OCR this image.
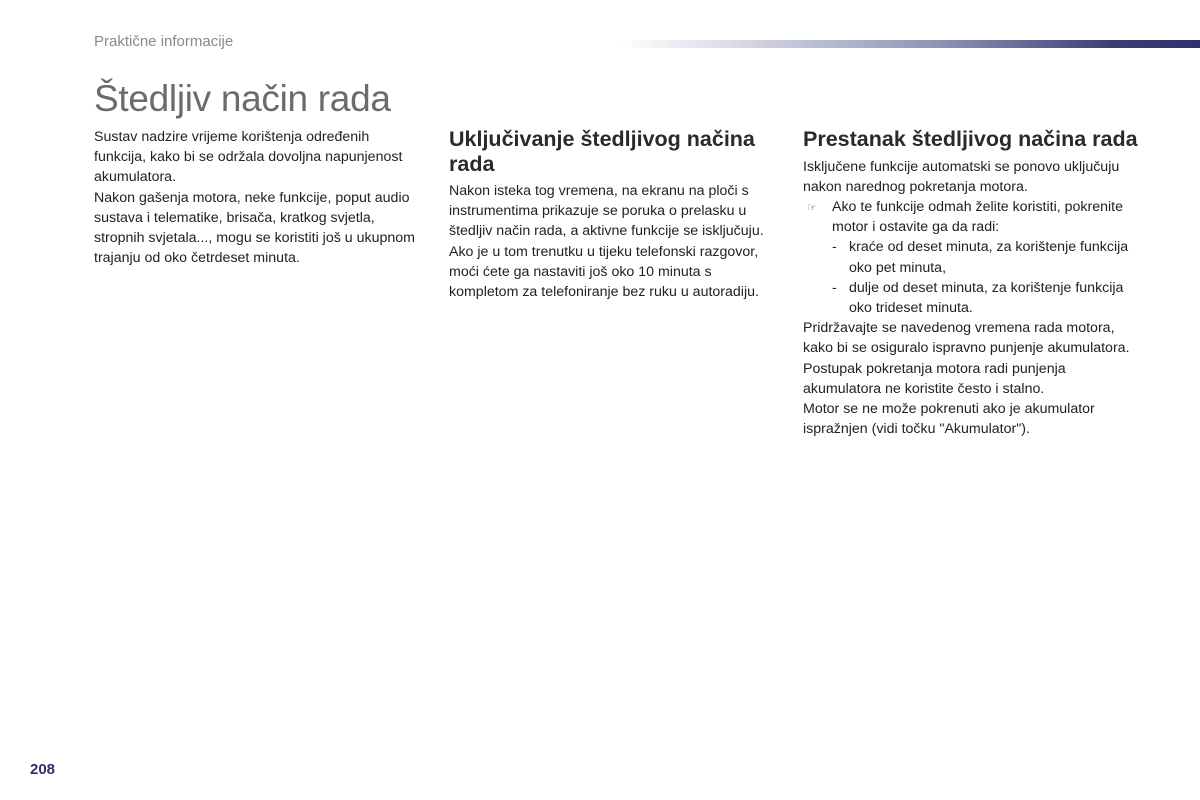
Praktične informacije
Štedljiv način rada

Sustav nadzire vrijeme korištenja određenih funkcija, kako bi se održala dovoljna napunjenost akumulatora.

Nakon gašenja motora, neke funkcije, poput audio sustava i telematike, brisača, kratkog svjetla, stropnih svjetala..., mogu se koristiti još u ukupnom trajanju od oko četrdeset minuta.

Uključivanje štedljivog načina rada

Nakon isteka tog vremena, na ekranu na ploči s instrumentima prikazuje se poruka o prelasku u štedljiv način rada, a aktivne funkcije se isključuju.

Ako je u tom trenutku u tijeku telefonski razgovor, moći ćete ga nastaviti još oko 10 minuta s kompletom za telefoniranje bez ruku u autoradiju.

Prestanak štedljivog načina rada

Isključene funkcije automatski se ponovo uključuju nakon narednog pokretanja motora.

☞ Ako te funkcije odmah želite koristiti, pokrenite motor i ostavite ga da radi:
- kraće od deset minuta, za korištenje funkcija oko pet minuta,
- dulje od deset minuta, za korištenje funkcija oko trideset minuta.

Pridržavajte se navedenog vremena rada motora, kako bi se osiguralo ispravno punjenje akumulatora.

Postupak pokretanja motora radi punjenja akumulatora ne koristite često i stalno.

Motor se ne može pokrenuti ako je akumulator ispražnjen (vidi točku "Akumulator").

208
